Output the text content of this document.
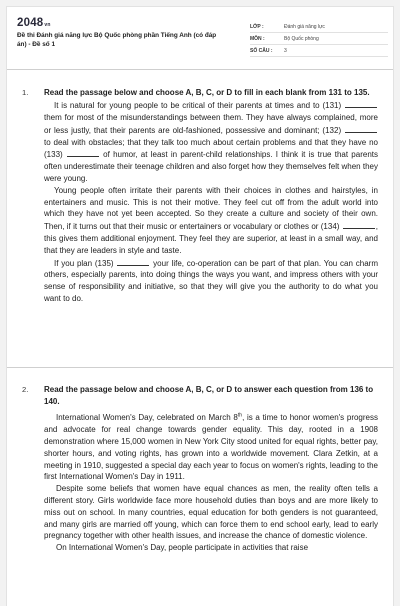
2048vn
Đề thi Đánh giá năng lực Bộ Quốc phòng phần Tiếng Anh (có đáp án) - Đề số 1
LỚP :	Đánh giá năng lực
MÔN :	Bộ Quốc phòng
SỐ CÂU :	3
1. Read the passage below and choose A, B, C, or D to fill in each blank from 131 to 135.

It is natural for young people to be critical of their parents at times and to (131)  them for most of the misunderstandings between them. They have always complained, more or less justly, that their parents are old-fashioned, possessive and dominant; (132)  to deal with obstacles; that they talk too much about certain problems and that they have no (133)	of humor, at least in parent-child relationships. I think it is true that parents often underestimate their teenage children and also forget how they themselves felt when they were young.

Young people often irritate their parents with their choices in clothes and hairstyles, in entertainers and music. This is not their motive. They feel cut off from the adult world into which they have not yet been accepted. So they create a culture and society of their own. Then, if it turns out that their music or entertainers or vocabulary or clothes or (134)	, this gives them additional enjoyment. They feel they are superior, at least in a small way, and that they are leaders in style and taste.

If you plan (135)	your life, co-operation can be part of that plan. You can charm others, especially parents, into doing things the ways you want, and impress others with your sense of responsibility and initiative, so that they will give you the authority to do what you want to do.

2. Read the passage below and choose A, B, C, or D to answer each question from 136 to 140.

International Women's Day, celebrated on March 8th, is a time to honor women's progress and advocate for real change towards gender equality. This day, rooted in a 1908 demonstration where 15,000 women in New York City stood united for equal rights, better pay, shorter hours, and voting rights, has grown into a worldwide movement. Clara Zetkin, at a meeting in 1910, suggested a special day each year to focus on women's rights, leading to the first International Women's Day in 1911.

Despite some beliefs that women have equal chances as men, the reality often tells a different story. Girls worldwide face more household duties than boys and are more likely to miss out on school. In many countries, equal education for both genders is not guaranteed, and many girls are married off young, which can force them to end school early, lead to early pregnancy together with other health issues, and increase the chance of domestic violence.

On International Women's Day, people participate in activities that raise
